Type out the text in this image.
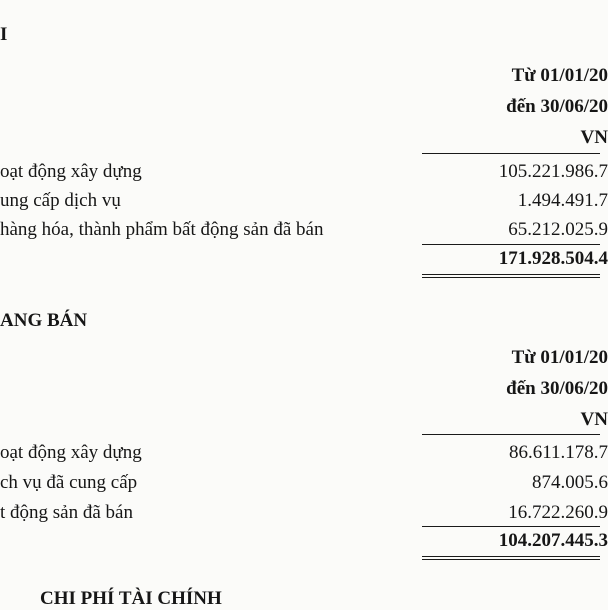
I
Từ 01/01/20
đến 30/06/20
VN
oạt động xây dựng	105.221.986.7
ung cấp dịch vụ	1.494.491.7
hàng hóa, thành phẩm bất động sản đã bán	65.212.025.9
171.928.504.4
ANG BÁN
Từ 01/01/20
đến 30/06/20
VN
oạt động xây dựng	86.611.178.7
ch vụ đã cung cấp	874.005.6
t động sản đã bán	16.722.260.9
104.207.445.3
CHI PHÍ TÀI CHÍNH
